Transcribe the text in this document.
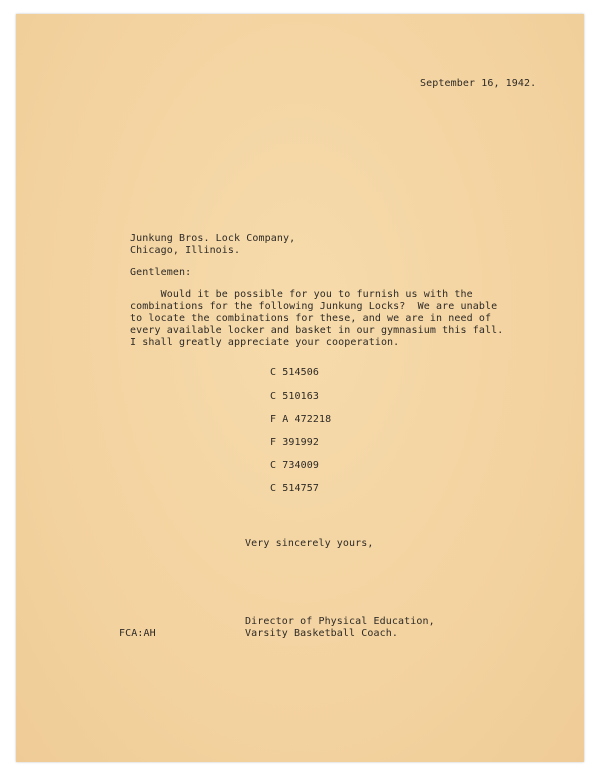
September 16, 1942.
Junkung Bros. Lock Company,
Chicago, Illinois.
Gentlemen:
Would it be possible for you to furnish us with the
combinations for the following Junkung Locks?  We are unable
to locate the combinations for these, and we are in need of
every available locker and basket in our gymnasium this fall.
I shall greatly appreciate your cooperation.
C 514506
C 510163
F A 472218
F 391992
C 734009
C 514757
Very sincerely yours,
Director of Physical Education,
Varsity Basketball Coach.
FCA:AH
